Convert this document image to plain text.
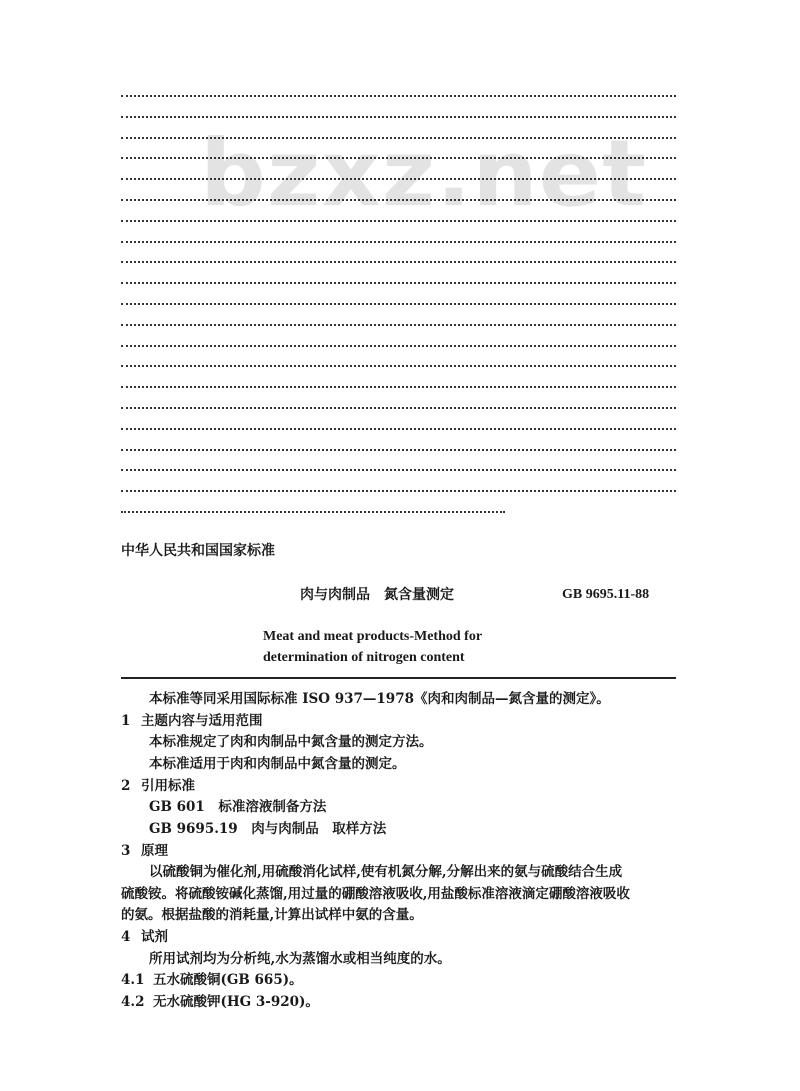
bzxz.net
中华人民共和国国家标准
肉与肉制品　氮含量测定	GB 9695.11-88
Meat and meat products-Method for
determination of nitrogen content
本标准等同采用国际标准 ISO 937—1978《肉和肉制品—氮含量的测定》。
1 主题内容与适用范围
本标准规定了肉和肉制品中氮含量的测定方法。
本标准适用于肉和肉制品中氮含量的测定。
2 引用标准
GB 601　标准溶液制备方法
GB 9695.19　肉与肉制品　取样方法
3 原理
以硫酸铜为催化剂,用硫酸消化试样,使有机氮分解,分解出来的氨与硫酸结合生成
硫酸铵。将硫酸铵碱化蒸馏,用过量的硼酸溶液吸收,用盐酸标准溶液滴定硼酸溶液吸收
的氨。根据盐酸的消耗量,计算出试样中氨的含量。
4 试剂
所用试剂均为分析纯,水为蒸馏水或相当纯度的水。
4.1 五水硫酸铜(GB 665)。
4.2 无水硫酸钾(HG 3-920)。
